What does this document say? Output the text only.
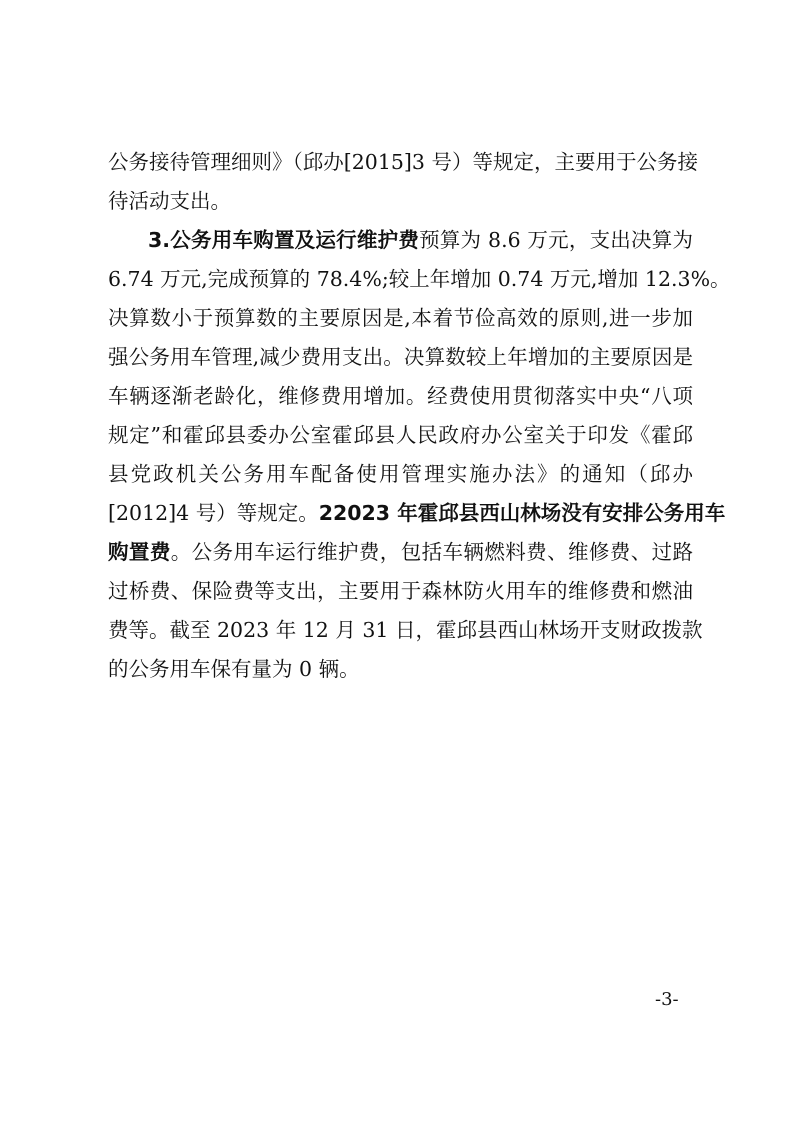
公务接待管理细则》（邱办[2015]3 号）等规定，主要用于公务接
待活动支出。
3.公务用车购置及运行维护费预算为 8.6 万元，支出决算为
6.74 万元,完成预算的 78.4%;较上年增加 0.74 万元,增加 12.3%。
决算数小于预算数的主要原因是,本着节俭高效的原则,进一步加
强公务用车管理,减少费用支出。决算数较上年增加的主要原因是
车辆逐渐老龄化，维修费用增加。经费使用贯彻落实中央“八项
规定”和霍邱县委办公室霍邱县人民政府办公室关于印发《霍邱
县党政机关公务用车配备使用管理实施办法》的通知（邱办
[2012]4 号）等规定。22023 年霍邱县西山林场没有安排公务用车
购置费。公务用车运行维护费，包括车辆燃料费、维修费、过路
过桥费、保险费等支出，主要用于森林防火用车的维修费和燃油
费等。截至 2023 年 12 月 31 日，霍邱县西山林场开支财政拨款
的公务用车保有量为 0 辆。
-3-
